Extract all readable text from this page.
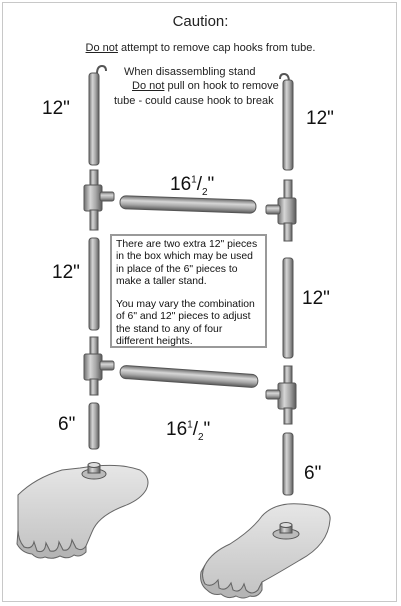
Caution:
Do not attempt to remove cap hooks from tube.
When disassembling stand
Do not pull on hook to remove
tube - could cause hook to break
12"	12"
12"
12"
6"
6"
$16^1/_2$"
$16^1/_2$"

There are two extra 12" pieces in the box which may be used in place of the 6" pieces to make a taller stand.

You may vary the combination of 6" and 12" pieces to adjust the stand to any of four different heights.
